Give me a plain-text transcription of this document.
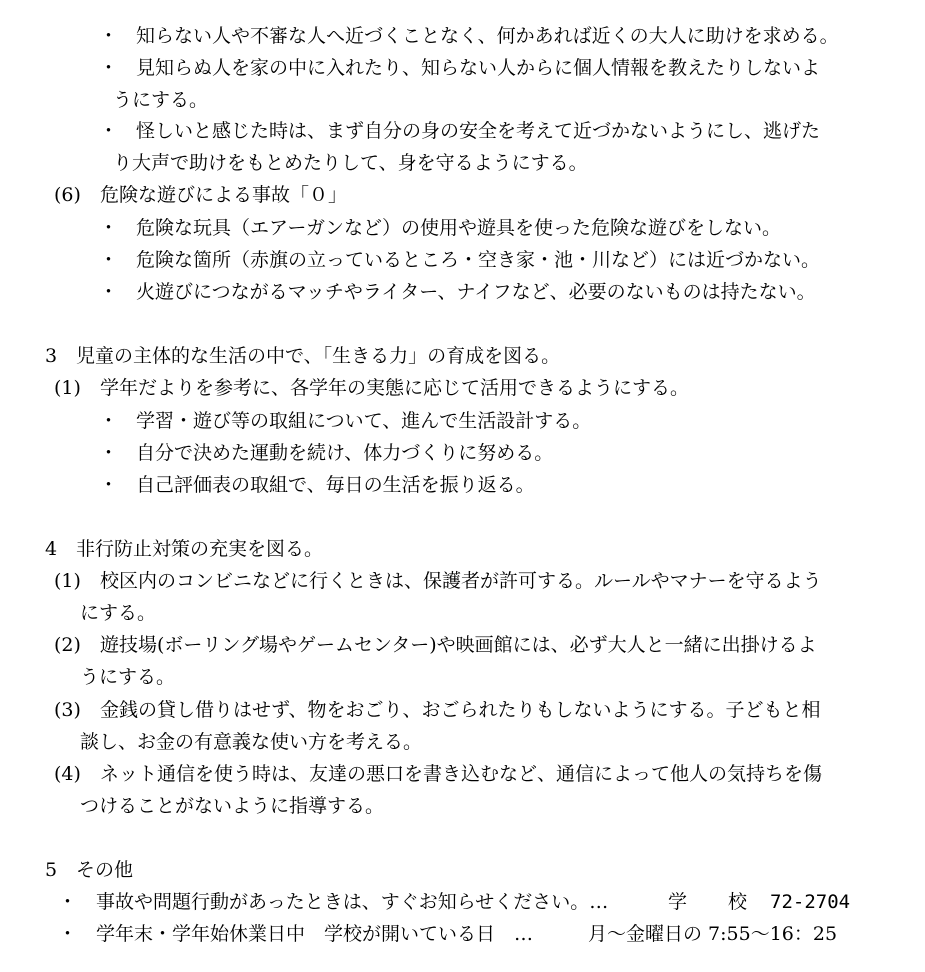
・ 知らない人や不審な人へ近づくことなく、何かあれば近くの大人に助けを求める。
・ 見知らぬ人を家の中に入れたり、知らない人からに個人情報を教えたりしないよ
うにする。
・ 怪しいと感じた時は、まず自分の身の安全を考えて近づかないようにし、逃げた
り大声で助けをもとめたりして、身を守るようにする。
(6) 危険な遊びによる事故「０」
・ 危険な玩具（エアーガンなど）の使用や遊具を使った危険な遊びをしない。
・ 危険な箇所（赤旗の立っているところ・空き家・池・川など）には近づかない。
・ 火遊びにつながるマッチやライター、ナイフなど、必要のないものは持たない。
3 児童の主体的な生活の中で、「生きる力」の育成を図る。
(1) 学年だよりを参考に、各学年の実態に応じて活用できるようにする。
・ 学習・遊び等の取組について、進んで生活設計する。
・ 自分で決めた運動を続け、体力づくりに努める。
・ 自己評価表の取組で、毎日の生活を振り返る。
4 非行防止対策の充実を図る。
(1) 校区内のコンビニなどに行くときは、保護者が許可する。ルールやマナーを守るよう
にする。
(2) 遊技場(ボーリング場やゲームセンター)や映画館には、必ず大人と一緒に出掛けるよ
うにする。
(3) 金銭の貸し借りはせず、物をおごり、おごられたりもしないようにする。子どもと相
談し、お金の有意義な使い方を考える。
(4) ネット通信を使う時は、友達の悪口を書き込むなど、通信によって他人の気持ちを傷
つけることがないように指導する。
5 その他
・ 事故や問題行動があったときは、すぐお知らせください。…	学 校 72-2704
・ 学年末・学年始休業日中　学校が開いている日　…	月～金曜日の 7:55～16：25
